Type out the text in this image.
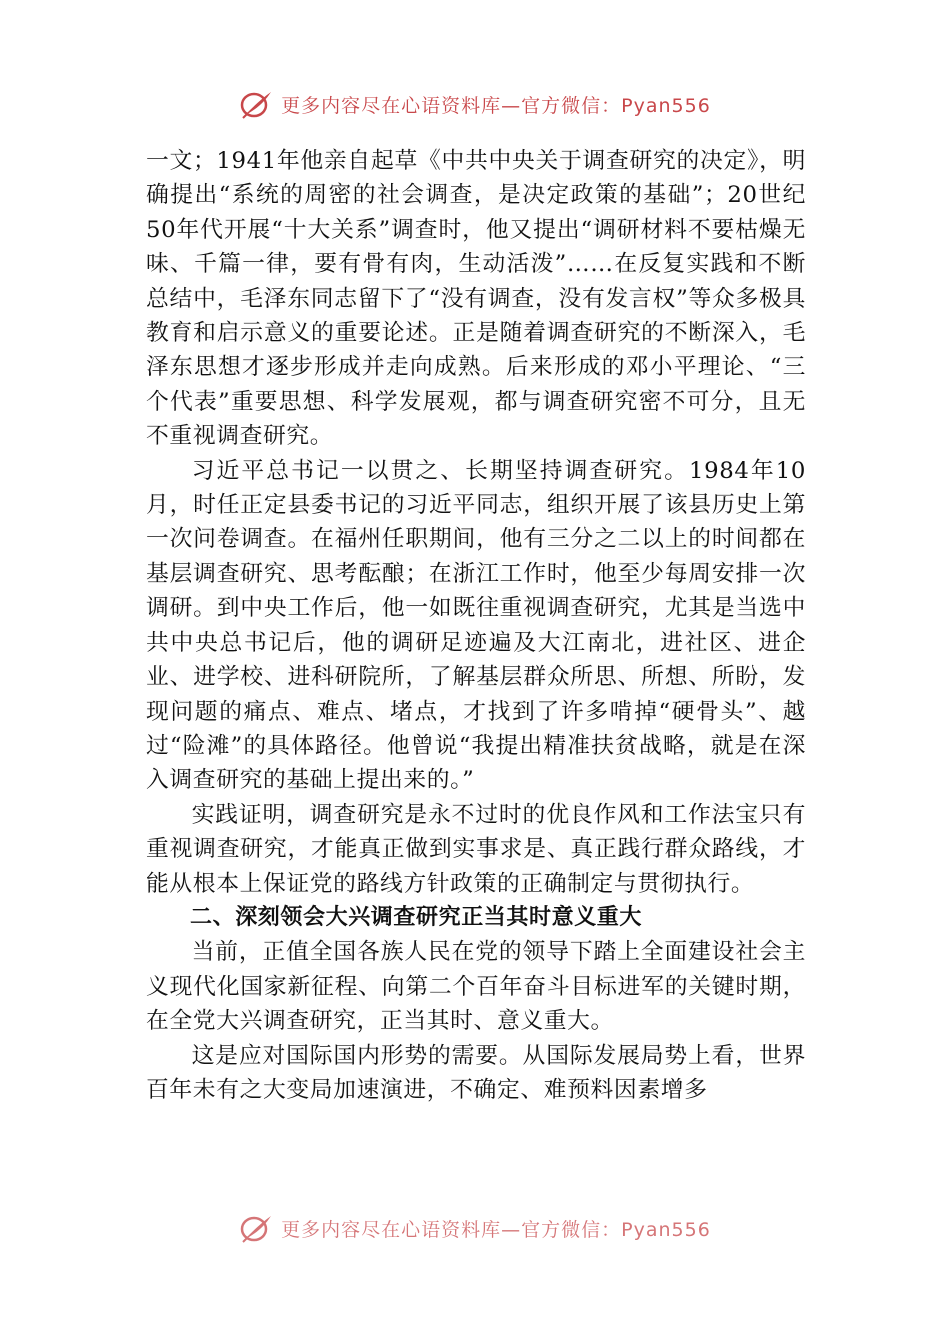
更多内容尽在心语资料库—官方微信：Pyan556

一文；1941年他亲自起草《中共中央关于调查研究的决定》，明确提出“系统的周密的社会调查，是决定政策的基础”；20世纪50年代开展“十大关系”调查时，他又提出“调研材料不要枯燥无味、千篇一律，要有骨有肉，生动活泼”……在反复实践和不断总结中，毛泽东同志留下了“没有调查，没有发言权”等众多极具教育和启示意义的重要论述。正是随着调查研究的不断深入，毛泽东思想才逐步形成并走向成熟。后来形成的邓小平理论、“三个代表”重要思想、科学发展观，都与调查研究密不可分，且无不重视调查研究。

习近平总书记一以贯之、长期坚持调查研究。1984年10月，时任正定县委书记的习近平同志，组织开展了该县历史上第一次问卷调查。在福州任职期间，他有三分之二以上的时间都在基层调查研究、思考酝酿；在浙江工作时，他至少每周安排一次调研。到中央工作后，他一如既往重视调查研究，尤其是当选中共中央总书记后，他的调研足迹遍及大江南北，进社区、进企业、进学校、进科研院所，了解基层群众所思、所想、所盼，发现问题的痛点、难点、堵点，才找到了许多啃掉“硬骨头”、越过“险滩”的具体路径。他曾说“我提出精准扶贫战略，就是在深入调查研究的基础上提出来的。”

实践证明，调查研究是永不过时的优良作风和工作法宝只有重视调查研究，才能真正做到实事求是、真正践行群众路线，才能从根本上保证党的路线方针政策的正确制定与贯彻执行。

二、深刻领会大兴调查研究正当其时意义重大

当前，正值全国各族人民在党的领导下踏上全面建设社会主义现代化国家新征程、向第二个百年奋斗目标进军的关键时期，在全党大兴调查研究，正当其时、意义重大。

这是应对国际国内形势的需要。从国际发展局势上看，世界百年未有之大变局加速演进，不确定、难预料因素增多

更多内容尽在心语资料库—官方微信：Pyan556
